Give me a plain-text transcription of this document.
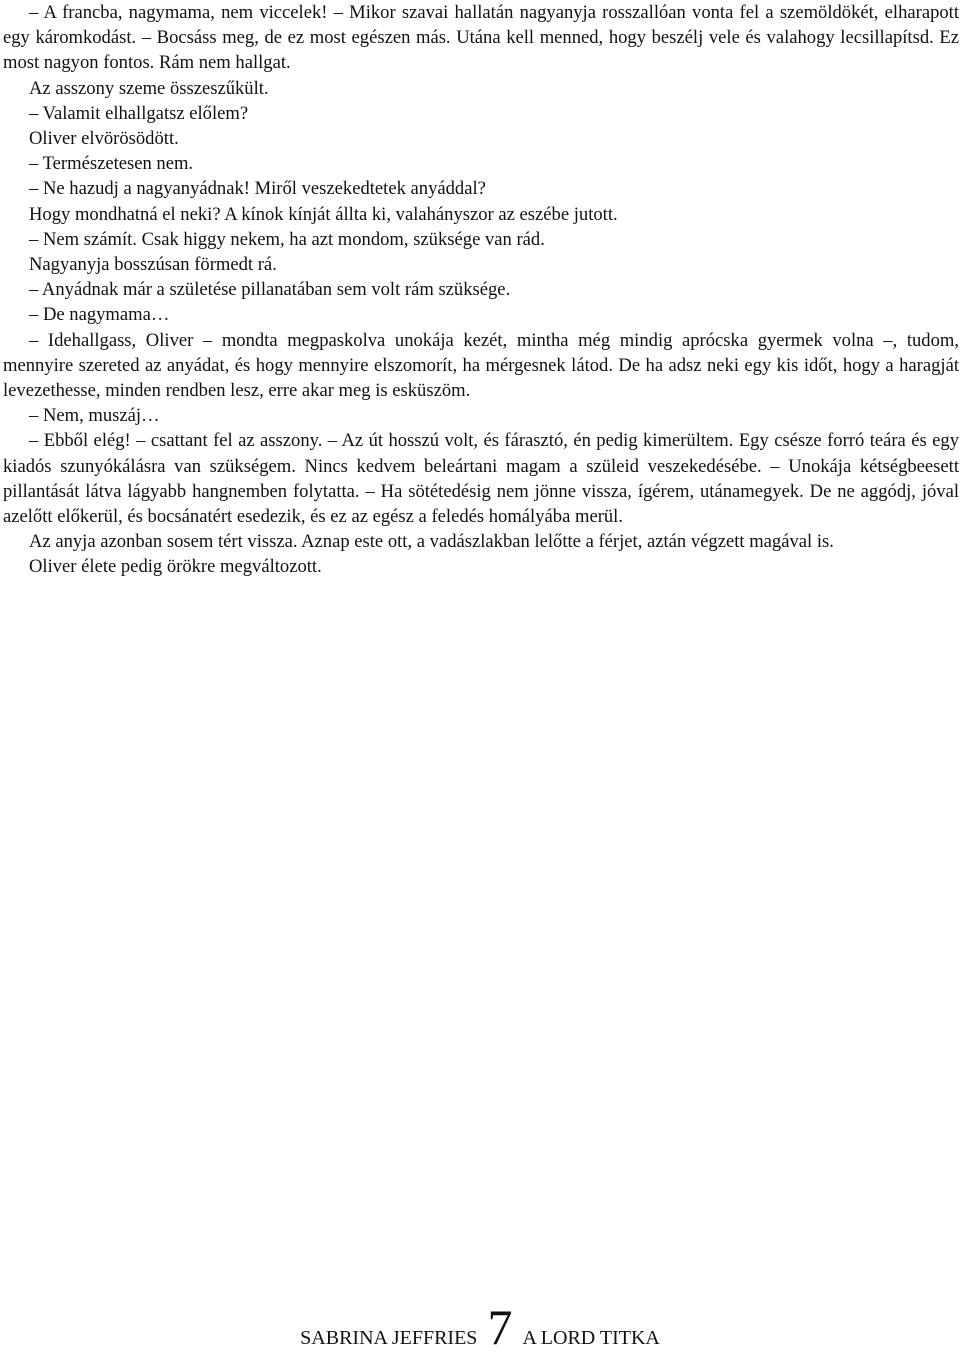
– A francba, nagymama, nem viccelek! – Mikor szavai hallatán nagyanyja rosszallóan vonta fel a szemöldökét, elharapott egy káromkodást. – Bocsáss meg, de ez most egészen más. Utána kell menned, hogy beszélj vele és valahogy lecsillapítsd. Ez most nagyon fontos. Rám nem hallgat.

Az asszony szeme összeszűkült.

– Valamit elhallgatsz előlem?

Oliver elvörösödött.

– Természetesen nem.

– Ne hazudj a nagyanyádnak! Miről veszekedtetek anyáddal?

Hogy mondhatná el neki? A kínok kínját állta ki, valahányszor az eszébe jutott.

– Nem számít. Csak higgy nekem, ha azt mondom, szüksége van rád.

Nagyanyja bosszúsan förmedt rá.

– Anyádnak már a születése pillanatában sem volt rám szüksége.

– De nagymama…

– Idehallgass, Oliver – mondta megpaskolva unokája kezét, mintha még mindig aprócska gyermek volna –, tudom, mennyire szereted az anyádat, és hogy mennyire elszomorít, ha mérgesnek látod. De ha adsz neki egy kis időt, hogy a haragját levezethesse, minden rendben lesz, erre akar meg is esküszöm.

– Nem, muszáj…

– Ebből elég! – csattant fel az asszony. – Az út hosszú volt, és fárasztó, én pedig kimerültem. Egy csésze forró teára és egy kiadós szunyókálásra van szükségem. Nincs kedvem beleártani magam a szüleid veszekedésébe. – Unokája kétségbeesett pillantását látva lágyabb hangnemben folytatta. – Ha sötétedésig nem jönne vissza, ígérem, utánamegyek. De ne aggódj, jóval azelőtt előkerül, és bocsánatért esedezik, és ez az egész a feledés homályába merül.

Az anyja azonban sosem tért vissza. Aznap este ott, a vadászlakban lelőtte a férjet, aztán végzett magával is.

Oliver élete pedig örökre megváltozott.

SABRINA JEFFRIES 7 A LORD TITKA
